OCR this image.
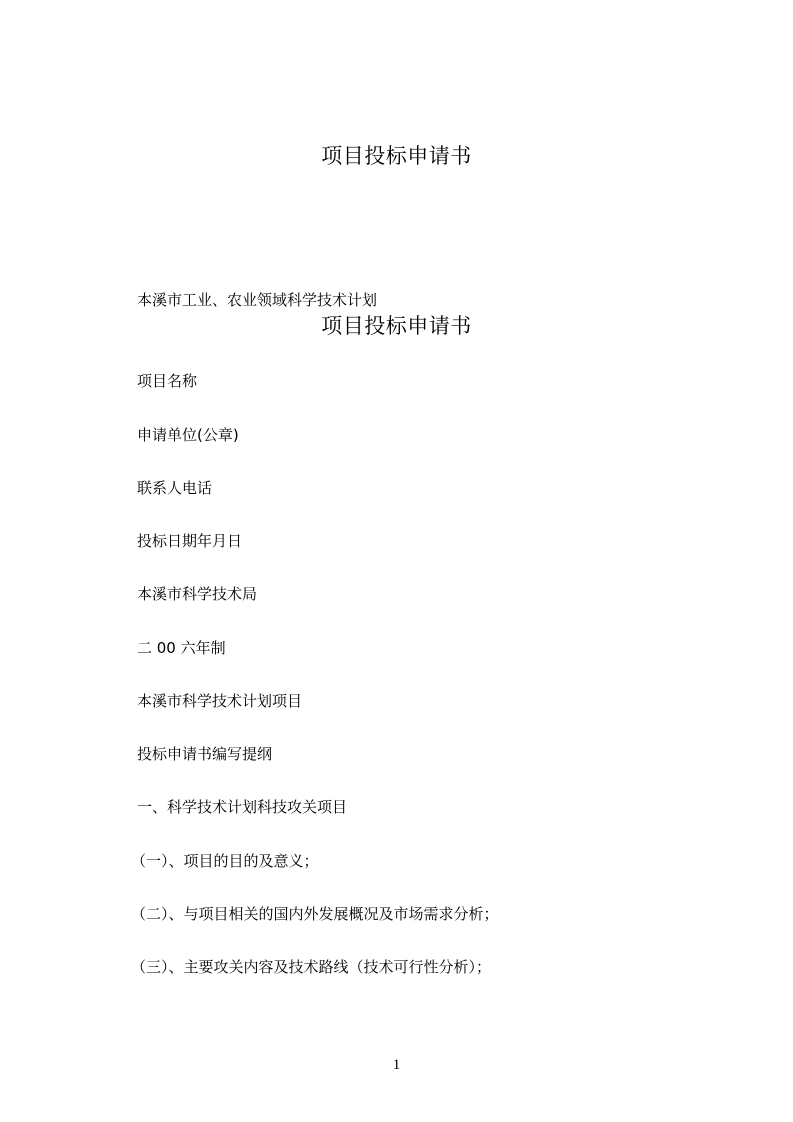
项目投标申请书
本溪市工业、农业领域科学技术计划
项目投标申请书
项目名称
申请单位(公章)
联系人电话
投标日期年月日
本溪市科学技术局
二 00 六年制
本溪市科学技术计划项目
投标申请书编写提纲
一、科学技术计划科技攻关项目
（一）、项目的目的及意义；
（二）、与项目相关的国内外发展概况及市场需求分析；
（三）、主要攻关内容及技术路线（技术可行性分析）；
1
